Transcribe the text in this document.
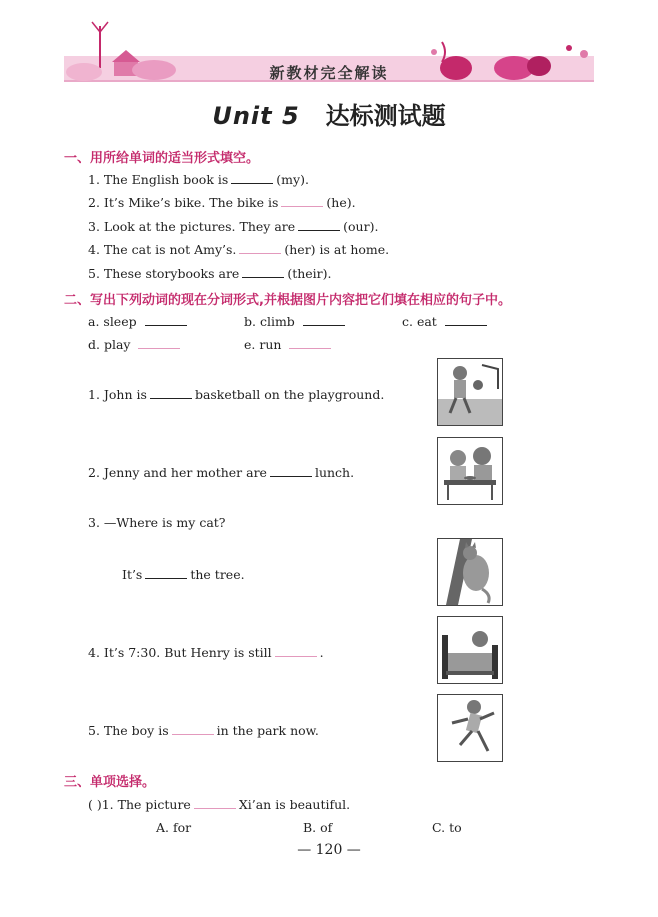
新教材完全解读
Unit 5 达标测试题
一、用所给单词的适当形式填空。
1. The English book is	(my).
2. It’s Mike’s bike. The bike is	(he).
3. Look at the pictures. They are	(our).
4. The cat is not Amy’s.	(her) is at home.
5. These storybooks are	(their).
二、写出下列动词的现在分词形式,并根据图片内容把它们填在相应的句子中。
a. sleep	b. climb	c. eat
d. play	e. run
1. John is	basketball on the playground.
2. Jenny and her mother are	lunch.
3. —Where is my cat?
It’s	the tree.
4. It’s 7:30. But Henry is still	.
5. The boy is	in the park now.
三、单项选择。
( )1. The picture	Xi’an is beautiful.
A. for	B. of	C. to
— 120 —
